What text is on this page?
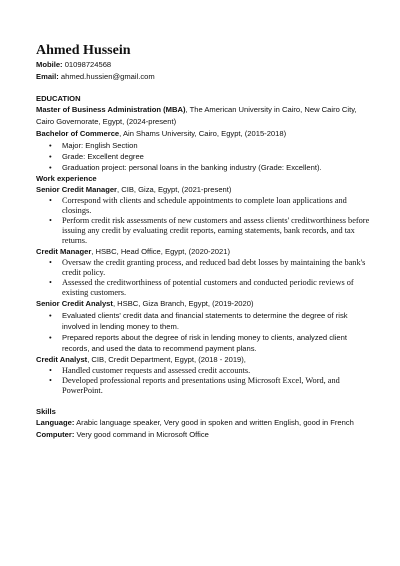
Ahmed Hussein
Mobile: 01098724568
Email: ahmed.hussien@gmail.com
EDUCATION
Master of Business Administration (MBA), The American University in Cairo, New Cairo City,
Cairo Governorate, Egypt, (2024-present)
Bachelor of Commerce, Ain Shams University, Cairo, Egypt, (2015-2018)
• Major: English Section
• Grade: Excellent degree
• Graduation project: personal loans in the banking industry (Grade: Excellent).
Work experience
Senior Credit Manager, CIB, Giza, Egypt, (2021-present)
• Correspond with clients and schedule appointments to complete loan applications and closings.
• Perform credit risk assessments of new customers and assess clients' creditworthiness before issuing any credit by evaluating credit reports, earning statements, bank records, and tax returns.
Credit Manager, HSBC, Head Office, Egypt, (2020-2021)
• Oversaw the credit granting process, and reduced bad debt losses by maintaining the bank's credit policy.
• Assessed the creditworthiness of potential customers and conducted periodic reviews of existing customers.
Senior Credit Analyst, HSBC, Giza Branch, Egypt, (2019-2020)
• Evaluated clients' credit data and financial statements to determine the degree of risk involved in lending money to them.
• Prepared reports about the degree of risk in lending money to clients, analyzed client records, and used the data to recommend payment plans.
Credit Analyst, CIB, Credit Department, Egypt, (2018 - 2019),
• Handled customer requests and assessed credit accounts.
• Developed professional reports and presentations using Microsoft Excel, Word, and PowerPoint.
Skills
Language: Arabic language speaker, Very good in spoken and written English, good in French
Computer: Very good command in Microsoft Office
